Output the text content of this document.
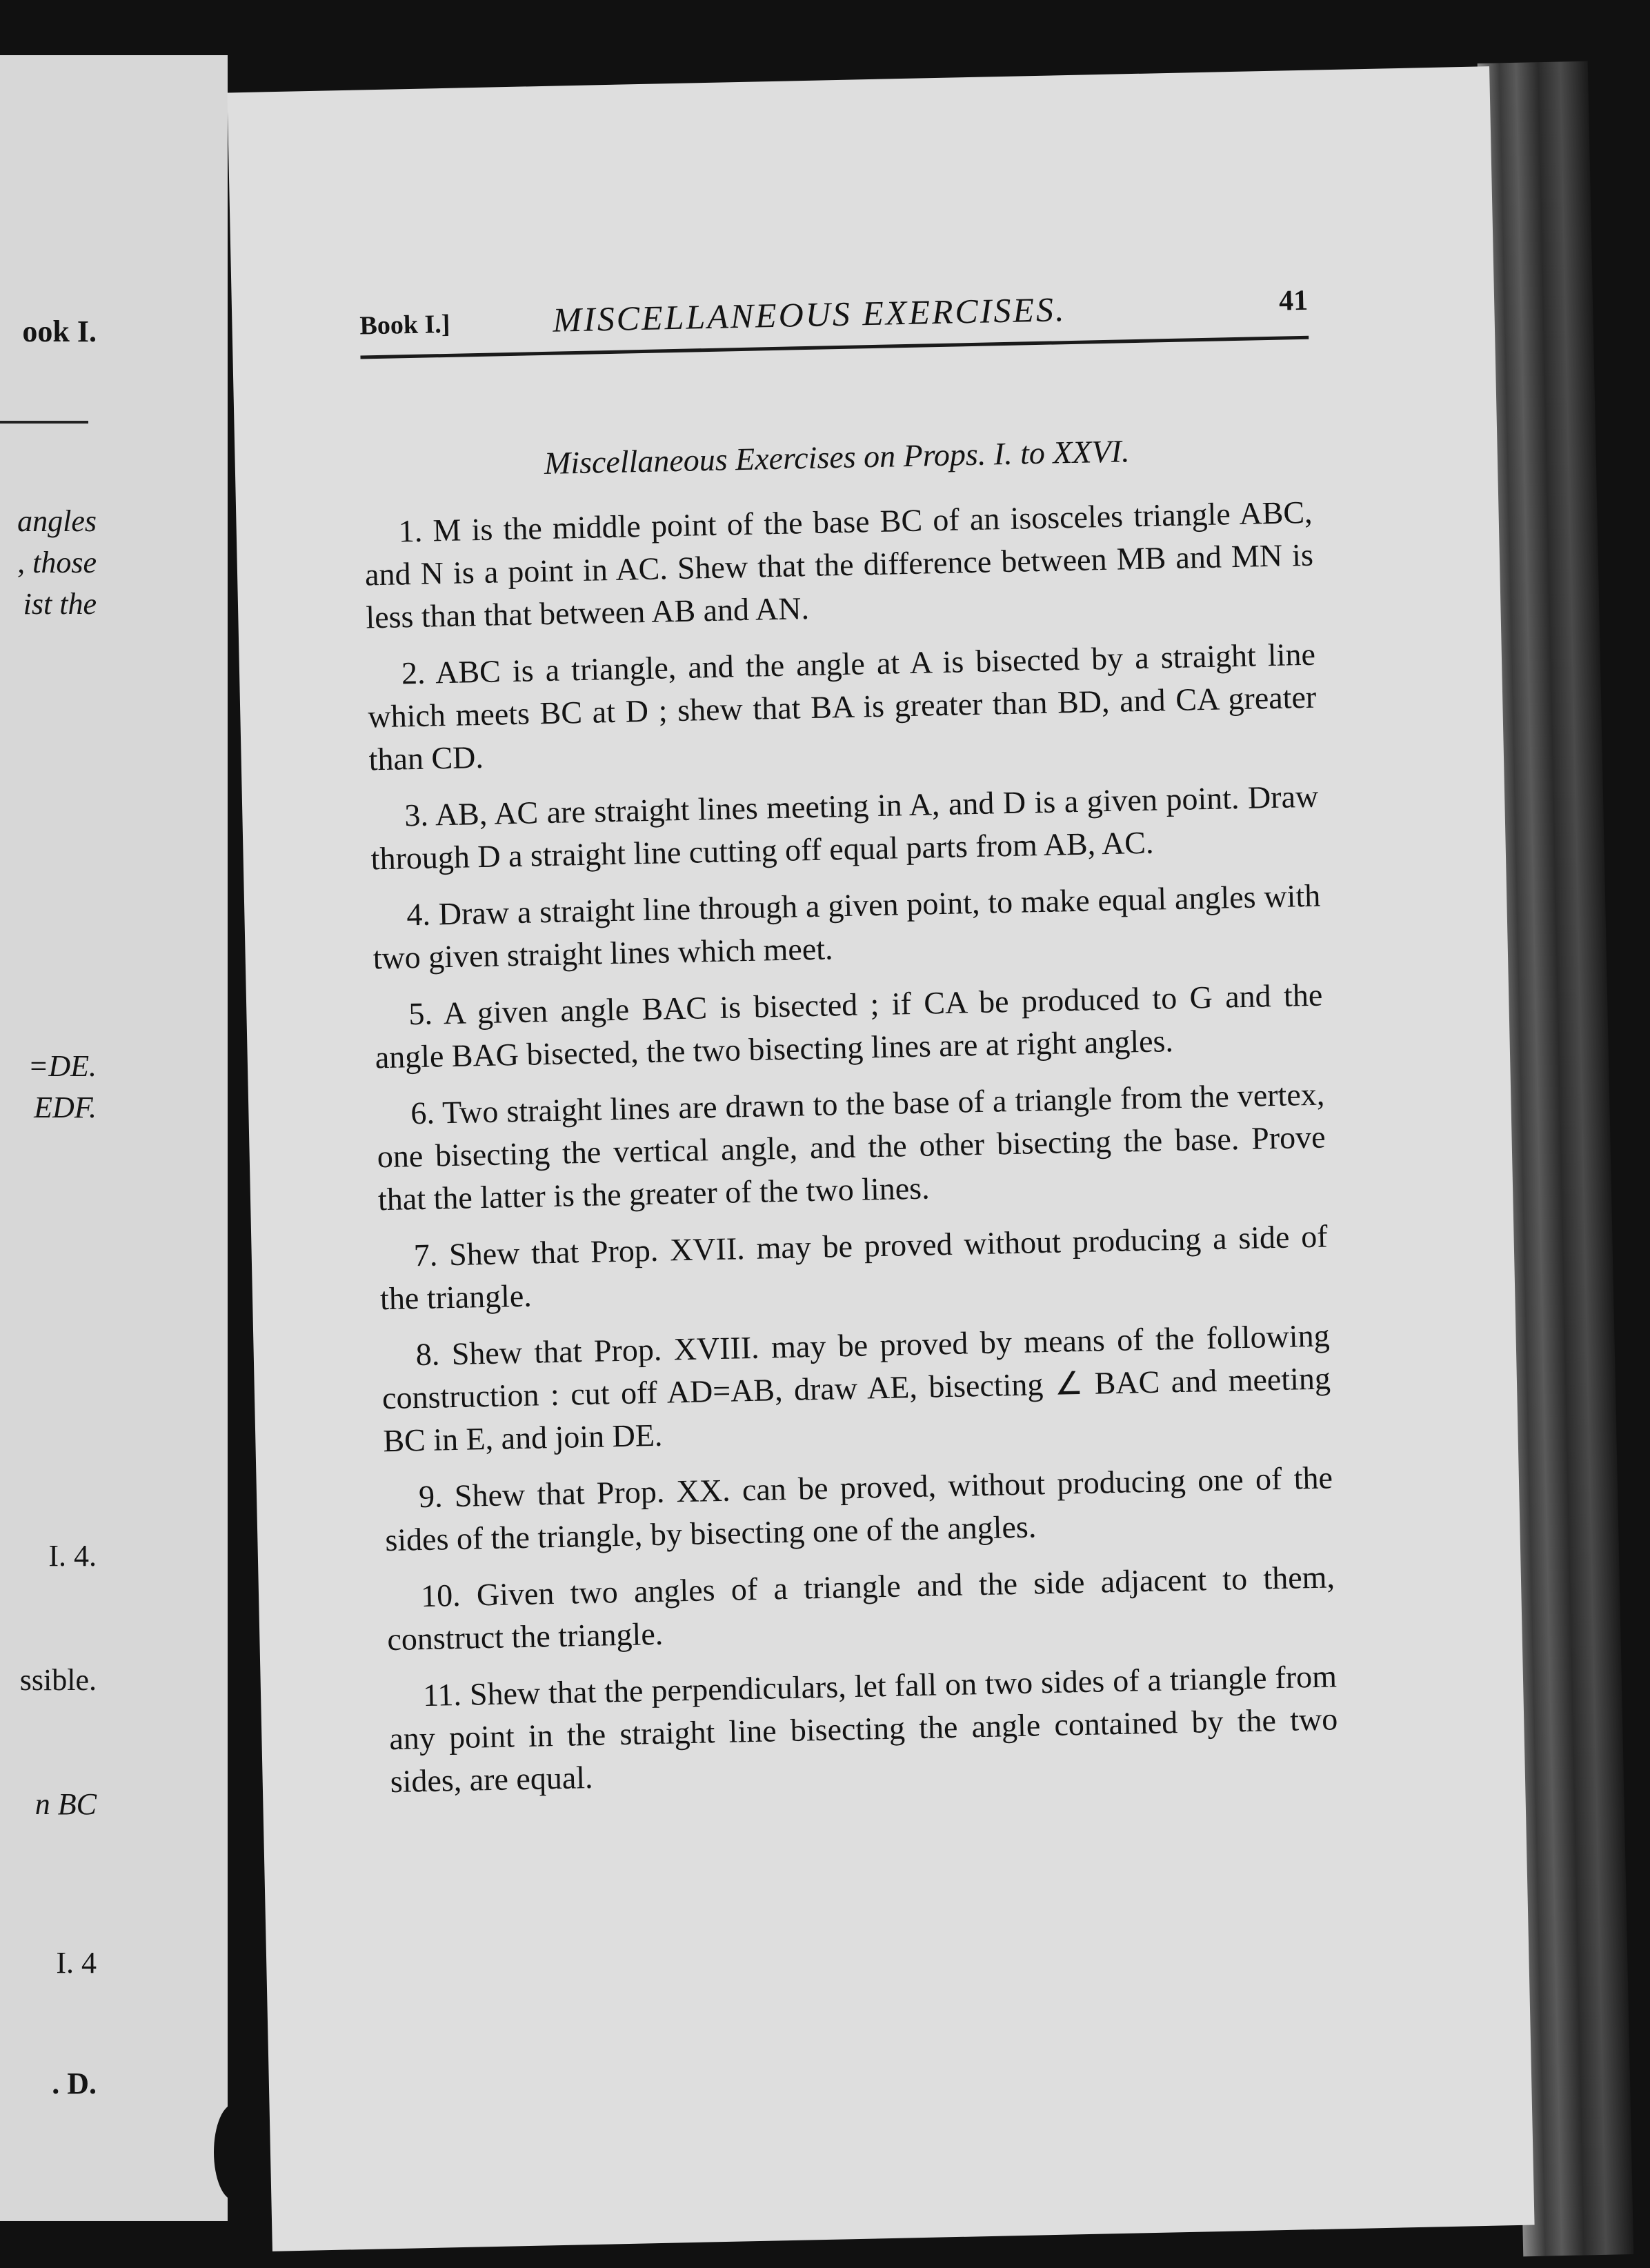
ook I.
angles
, those
ist the
=DE.
EDF.
I. 4.
ssible.
n BC
I. 4
. D.
Book I.]	MISCELLANEOUS EXERCISES.	41
Miscellaneous Exercises on Props. I. to XXVI.

1. M is the middle point of the base BC of an isosceles triangle ABC, and N is a point in AC. Shew that the difference between MB and MN is less than that between AB and AN.

2. ABC is a triangle, and the angle at A is bisected by a straight line which meets BC at D ; shew that BA is greater than BD, and CA greater than CD.

3. AB, AC are straight lines meeting in A, and D is a given point. Draw through D a straight line cutting off equal parts from AB, AC.

4. Draw a straight line through a given point, to make equal angles with two given straight lines which meet.

5. A given angle BAC is bisected ; if CA be produced to G and the angle BAG bisected, the two bisecting lines are at right angles.

6. Two straight lines are drawn to the base of a triangle from the vertex, one bisecting the vertical angle, and the other bisecting the base. Prove that the latter is the greater of the two lines.

7. Shew that Prop. XVII. may be proved without producing a side of the triangle.

8. Shew that Prop. XVIII. may be proved by means of the following construction : cut off AD=AB, draw AE, bisecting ∠ BAC and meeting BC in E, and join DE.

9. Shew that Prop. XX. can be proved, without producing one of the sides of the triangle, by bisecting one of the angles.

10. Given two angles of a triangle and the side adjacent to them, construct the triangle.

11. Shew that the perpendiculars, let fall on two sides of a triangle from any point in the straight line bisecting the angle contained by the two sides, are equal.
